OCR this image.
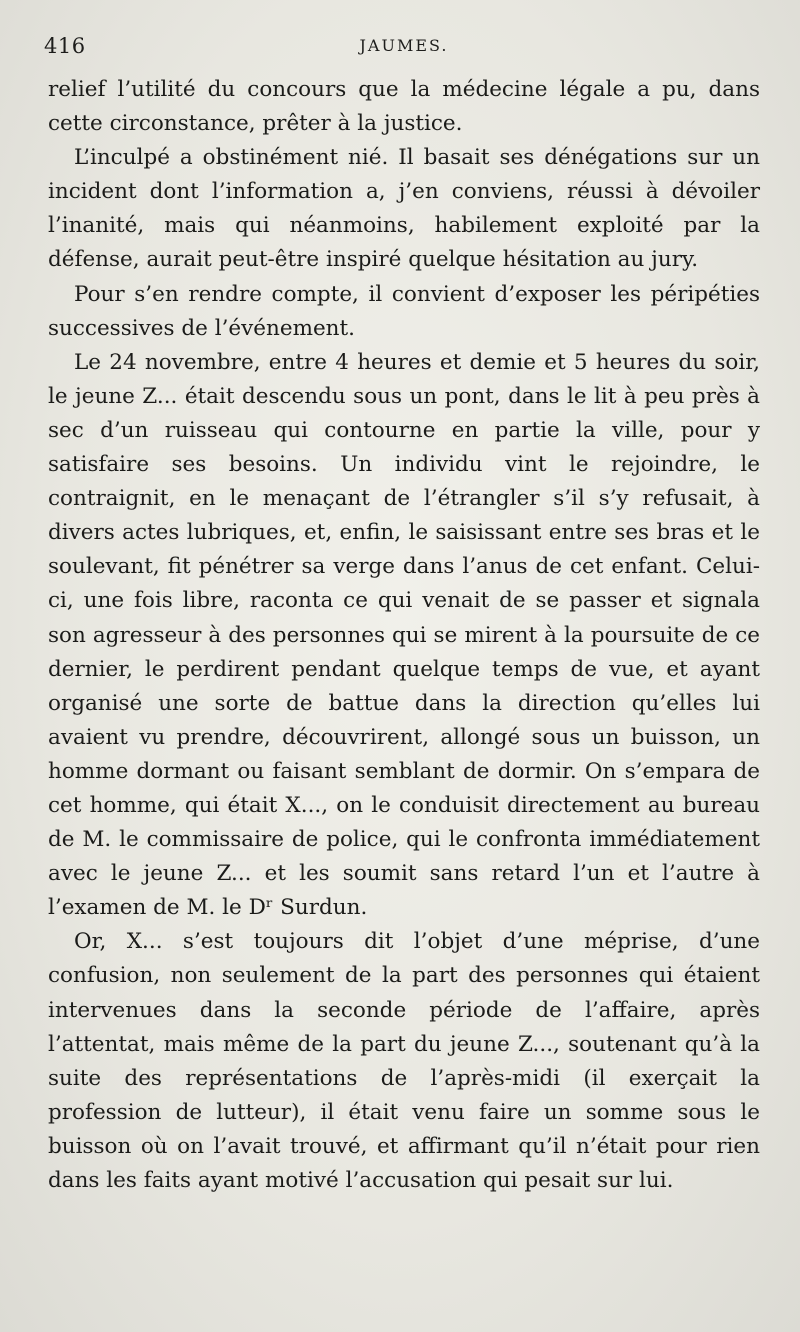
416	JAUMES.

relief l’utilité du concours que la médecine légale a pu, dans cette circonstance, prêter à la justice.

L’inculpé a obstinément nié. Il basait ses dénégations sur un incident dont l’information a, j’en conviens, réussi à dévoiler l’inanité, mais qui néanmoins, habilement exploité par la défense, aurait peut-être inspiré quelque hésitation au jury.

Pour s’en rendre compte, il convient d’exposer les péripéties successives de l’événement.

Le 24 novembre, entre 4 heures et demie et 5 heures du soir, le jeune Z... était descendu sous un pont, dans le lit à peu près à sec d’un ruisseau qui contourne en partie la ville, pour y satisfaire ses besoins. Un individu vint le rejoindre, le contraignit, en le menaçant de l’étrangler s’il s’y refusait, à divers actes lubriques, et, enfin, le saisissant entre ses bras et le soulevant, fit pénétrer sa verge dans l’anus de cet enfant. Celui-ci, une fois libre, raconta ce qui venait de se passer et signala son agresseur à des personnes qui se mirent à la poursuite de ce dernier, le perdirent pendant quelque temps de vue, et ayant organisé une sorte de battue dans la direction qu’elles lui avaient vu prendre, découvrirent, allongé sous un buisson, un homme dormant ou faisant semblant de dormir. On s’empara de cet homme, qui était X..., on le conduisit directement au bureau de M. le commissaire de police, qui le confronta immédiatement avec le jeune Z... et les soumit sans retard l’un et l’autre à l’examen de M. le Dʳ Surdun.

Or, X... s’est toujours dit l’objet d’une méprise, d’une confusion, non seulement de la part des personnes qui étaient intervenues dans la seconde période de l’affaire, après l’attentat, mais même de la part du jeune Z..., soutenant qu’à la suite des représentations de l’après-midi (il exerçait la profession de lutteur), il était venu faire un somme sous le buisson où on l’avait trouvé, et affirmant qu’il n’était pour rien dans les faits ayant motivé l’accusation qui pesait sur lui.
